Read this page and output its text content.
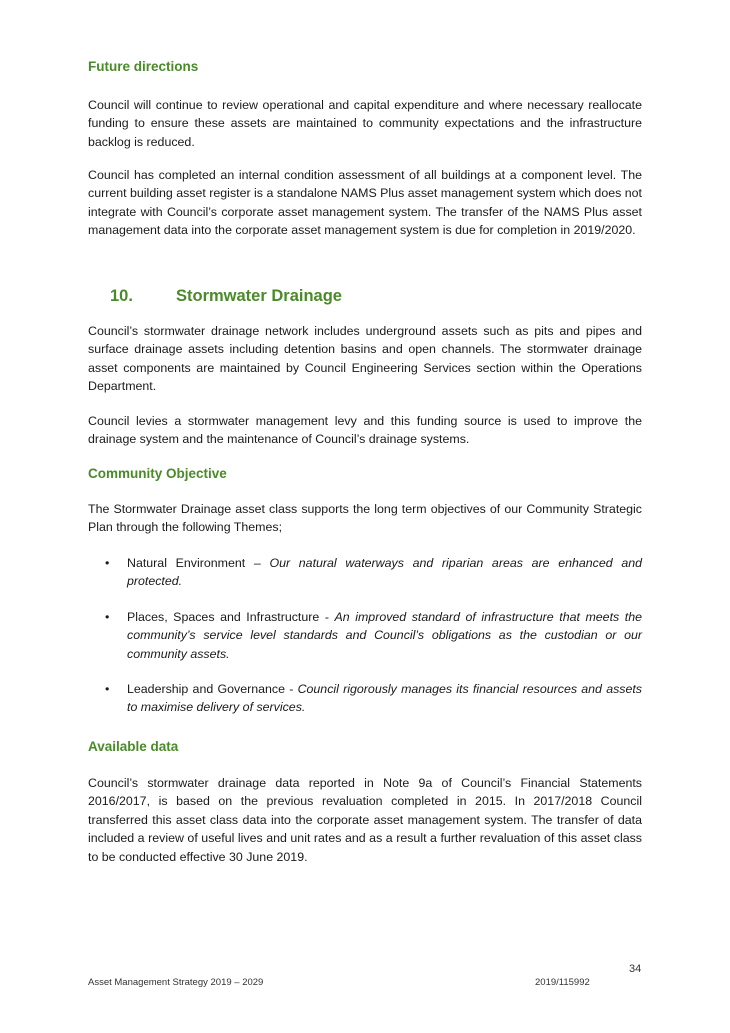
Future directions

Council will continue to review operational and capital expenditure and where necessary reallocate funding to ensure these assets are maintained to community expectations and the infrastructure backlog is reduced.

Council has completed an internal condition assessment of all buildings at a component level. The current building asset register is a standalone NAMS Plus asset management system which does not integrate with Council’s corporate asset management system. The transfer of the NAMS Plus asset management data into the corporate asset management system is due for completion in 2019/2020.

10.	Stormwater Drainage

Council’s stormwater drainage network includes underground assets such as pits and pipes and surface drainage assets including detention basins and open channels. The stormwater drainage asset components are maintained by Council Engineering Services section within the Operations Department.

Council levies a stormwater management levy and this funding source is used to improve the drainage system and the maintenance of Council’s drainage systems.

Community Objective

The Stormwater Drainage asset class supports the long term objectives of our Community Strategic Plan through the following Themes;

• Natural Environment – Our natural waterways and riparian areas are enhanced and protected.
• Places, Spaces and Infrastructure - An improved standard of infrastructure that meets the community’s service level standards and Council’s obligations as the custodian or our community assets.
• Leadership and Governance - Council rigorously manages its financial resources and assets to maximise delivery of services.
Available data

Council’s stormwater drainage data reported in Note 9a of Council’s Financial Statements 2016/2017, is based on the previous revaluation completed in 2015. In 2017/2018 Council transferred this asset class data into the corporate asset management system. The transfer of data included a review of useful lives and unit rates and as a result a further revaluation of this asset class to be conducted effective 30 June 2019.

34
Asset Management Strategy 2019 – 2029	2019/115992
